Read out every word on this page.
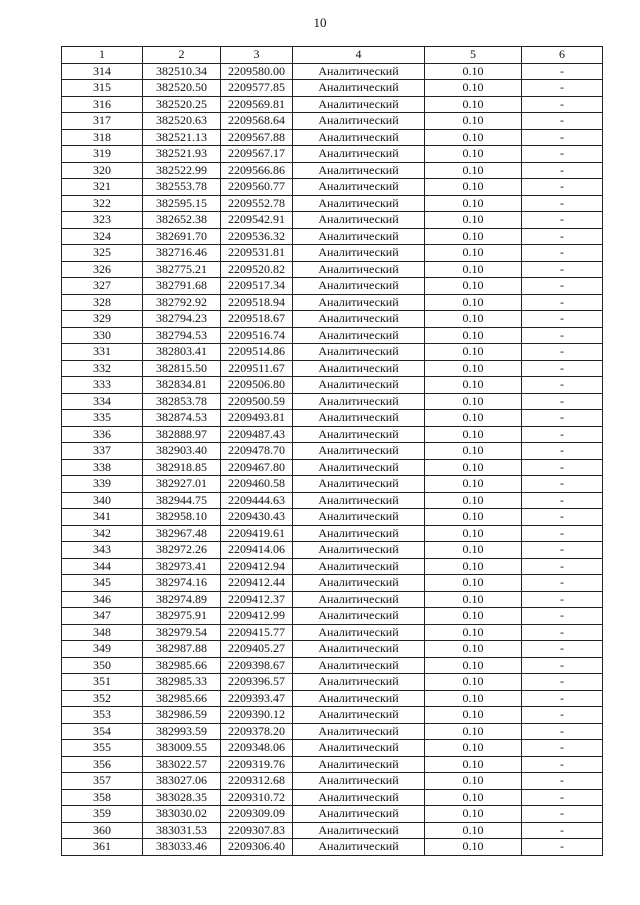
10
1	2	3	4	5	6
314	382510.34	2209580.00	Аналитический	0.10	-
315	382520.50	2209577.85	Аналитический	0.10	-
316	382520.25	2209569.81	Аналитический	0.10	-
317	382520.63	2209568.64	Аналитический	0.10	-
318	382521.13	2209567.88	Аналитический	0.10	-
319	382521.93	2209567.17	Аналитический	0.10	-
320	382522.99	2209566.86	Аналитический	0.10	-
321	382553.78	2209560.77	Аналитический	0.10	-
322	382595.15	2209552.78	Аналитический	0.10	-
323	382652.38	2209542.91	Аналитический	0.10	-
324	382691.70	2209536.32	Аналитический	0.10	-
325	382716.46	2209531.81	Аналитический	0.10	-
326	382775.21	2209520.82	Аналитический	0.10	-
327	382791.68	2209517.34	Аналитический	0.10	-
328	382792.92	2209518.94	Аналитический	0.10	-
329	382794.23	2209518.67	Аналитический	0.10	-
330	382794.53	2209516.74	Аналитический	0.10	-
331	382803.41	2209514.86	Аналитический	0.10	-
332	382815.50	2209511.67	Аналитический	0.10	-
333	382834.81	2209506.80	Аналитический	0.10	-
334	382853.78	2209500.59	Аналитический	0.10	-
335	382874.53	2209493.81	Аналитический	0.10	-
336	382888.97	2209487.43	Аналитический	0.10	-
337	382903.40	2209478.70	Аналитический	0.10	-
338	382918.85	2209467.80	Аналитический	0.10	-
339	382927.01	2209460.58	Аналитический	0.10	-
340	382944.75	2209444.63	Аналитический	0.10	-
341	382958.10	2209430.43	Аналитический	0.10	-
342	382967.48	2209419.61	Аналитический	0.10	-
343	382972.26	2209414.06	Аналитический	0.10	-
344	382973.41	2209412.94	Аналитический	0.10	-
345	382974.16	2209412.44	Аналитический	0.10	-
346	382974.89	2209412.37	Аналитический	0.10	-
347	382975.91	2209412.99	Аналитический	0.10	-
348	382979.54	2209415.77	Аналитический	0.10	-
349	382987.88	2209405.27	Аналитический	0.10	-
350	382985.66	2209398.67	Аналитический	0.10	-
351	382985.33	2209396.57	Аналитический	0.10	-
352	382985.66	2209393.47	Аналитический	0.10	-
353	382986.59	2209390.12	Аналитический	0.10	-
354	382993.59	2209378.20	Аналитический	0.10	-
355	383009.55	2209348.06	Аналитический	0.10	-
356	383022.57	2209319.76	Аналитический	0.10	-
357	383027.06	2209312.68	Аналитический	0.10	-
358	383028.35	2209310.72	Аналитический	0.10	-
359	383030.02	2209309.09	Аналитический	0.10	-
360	383031.53	2209307.83	Аналитический	0.10	-
361	383033.46	2209306.40	Аналитический	0.10	-
